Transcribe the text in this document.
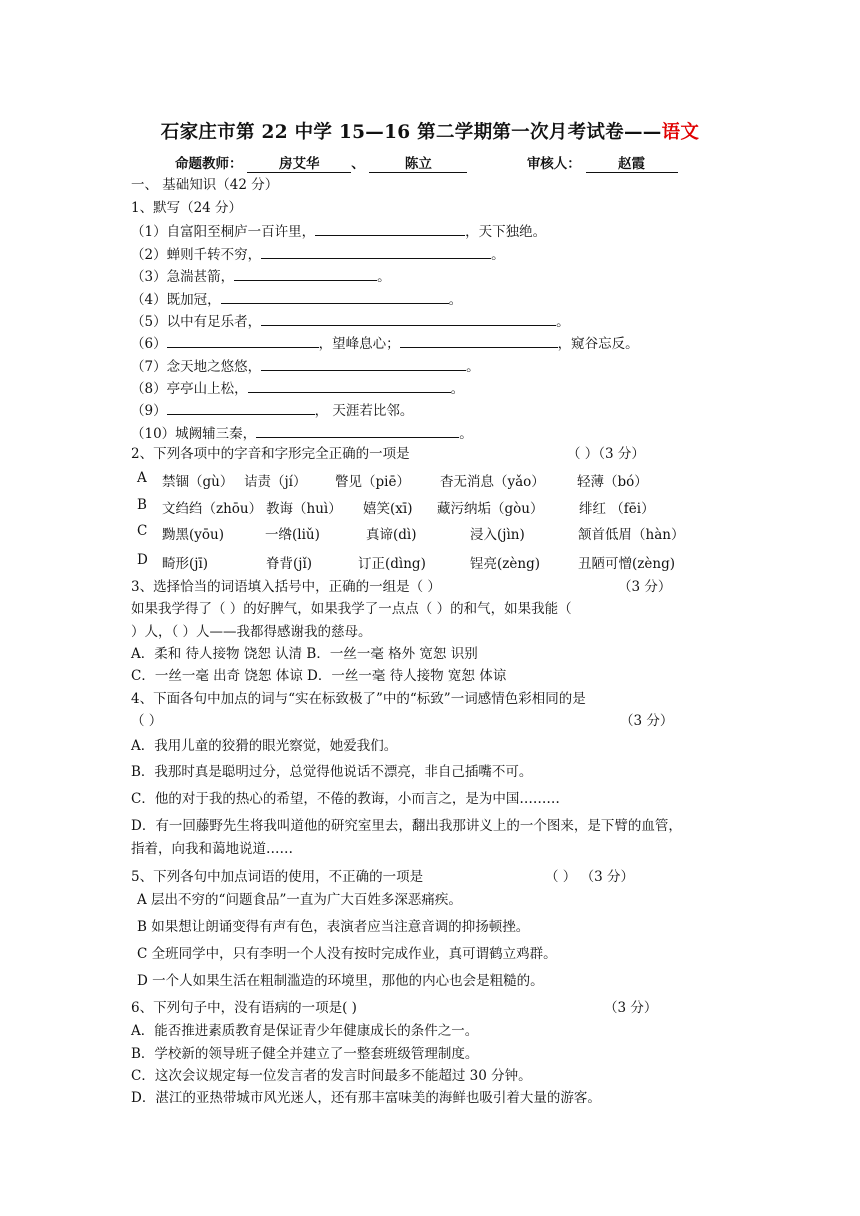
石家庄市第 22 中学 15—16 第二学期第一次月考试卷——语文
命题教师：	房艾华 、	陈立	审核人：	赵霞
一、 基础知识（42 分）
1、默写（24 分）
（1）自富阳至桐庐一百许里，	，天下独绝。
（2）蝉则千转不穷，	。
（3）急湍甚箭，	。
（4）既加冠，	。
（5）以中有足乐者，	。
（6）	，望峰息心；	，窥谷忘反。
（7）念天地之悠悠，	。
（8）亭亭山上松，	。
（9）	， 天涯若比邻。
（10）城阙辅三秦，	。
2、下列各项中的字音和字形完全正确的一项是	（ ）（3 分）
A 禁锢（gù） 诘责（jí） 瞥见（piē） 杳无消息（yǎo） 轻薄（bó）
B 文绉绉（zhōu） 教诲（huì） 嬉笑(xī) 藏污纳垢（gòu）	绯红 （fēi）
C 黝黑(yōu)	一绺(liǔ)	真谛(dì)	浸入(jìn)	颔首低眉（hàn）
D 畸形(jī)	脊背(jǐ)	订正(dìng)	锃亮(zèng)	丑陋可憎(zèng)
3、选择恰当的词语填入括号中，正确的一组是（ ）	（3 分）
如果我学得了（ ）的好脾气，如果我学了一点点（ ）的和气，如果我能（
）人，（ ）人——我都得感谢我的慈母。
A．柔和 待人接物 饶恕 认清 B．一丝一毫 格外 宽恕 识别
C．一丝一毫 出奇 饶恕 体谅 D．一丝一毫 待人接物 宽恕 体谅
4、下面各句中加点的词与“实在标致极了”中的“标致”一词感情色彩相同的是
（ ）	（3 分）
A．我用儿童的狡猾的眼光察觉，她爱我们。
B．我那时真是聪明过分，总觉得他说话不漂亮，非自己插嘴不可。
C．他的对于我的热心的希望，不倦的教诲，小而言之，是为中国………
D．有一回藤野先生将我叫道他的研究室里去，翻出我那讲义上的一个图来，是下臂的血管，
指着，向我和蔼地说道……
5、下列各句中加点词语的使用，不正确的一项是	（ ） （3 分）
A 层出不穷的“问题食品”一直为广大百姓多深恶痛疾。
B 如果想让朗诵变得有声有色，表演者应当注意音调的抑扬顿挫。
C 全班同学中，只有李明一个人没有按时完成作业，真可谓鹤立鸡群。
D 一个人如果生活在粗制滥造的环境里，那他的内心也会是粗糙的。
6、下列句子中，没有语病的一项是( )	（3 分）
A．能否推进素质教育是保证青少年健康成长的条件之一。
B．学校新的领导班子健全并建立了一整套班级管理制度。
C．这次会议规定每一位发言者的发言时间最多不能超过 30 分钟。
D．湛江的亚热带城市风光迷人，还有那丰富味美的海鲜也吸引着大量的游客。
